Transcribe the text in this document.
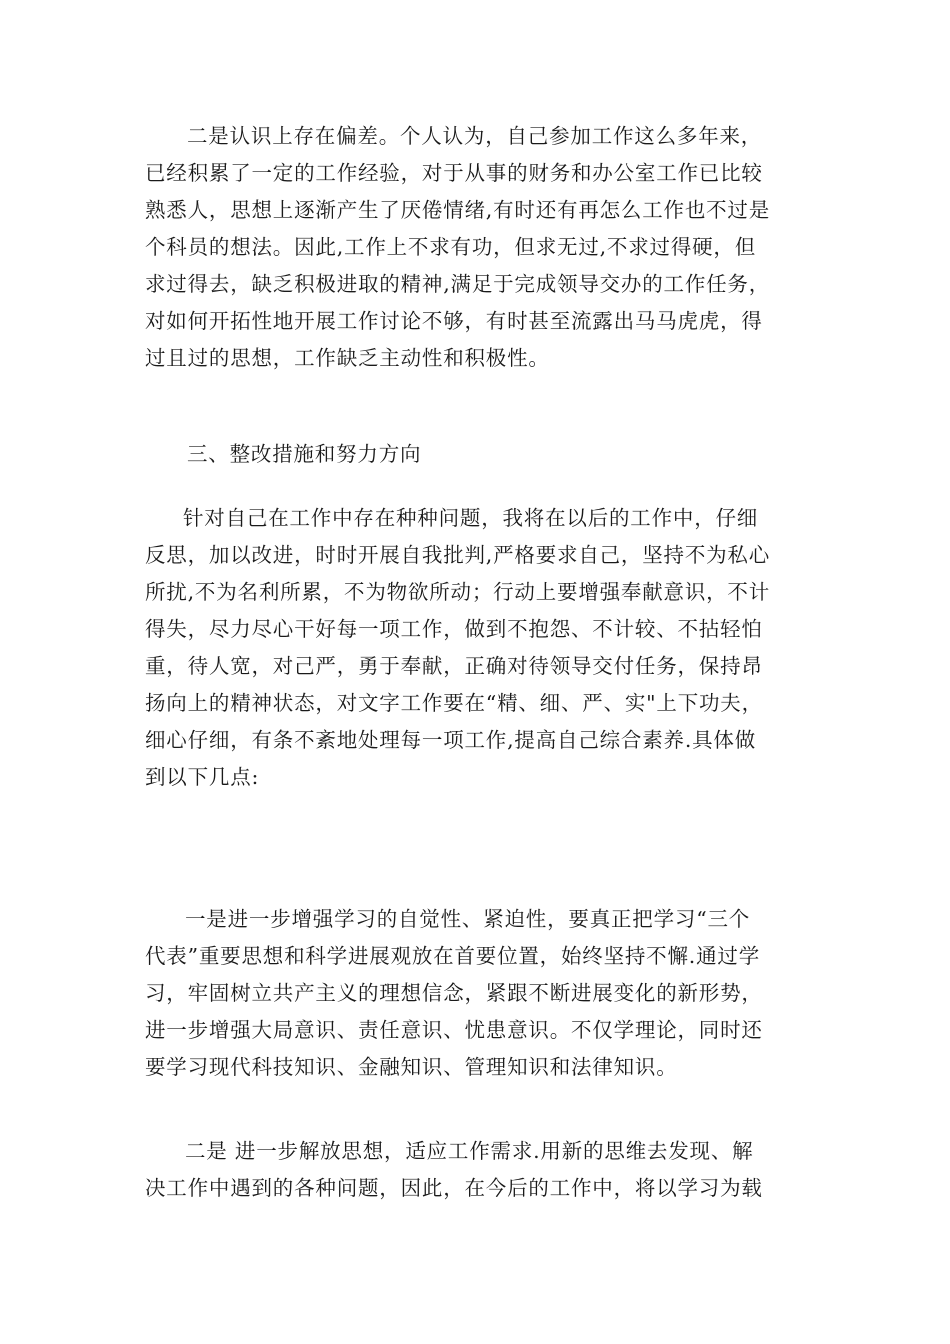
二是认识上存在偏差。个人认为，自己参加工作这么多年来，
已经积累了一定的工作经验，对于从事的财务和办公室工作已比较
熟悉人，思想上逐渐产生了厌倦情绪,有时还有再怎么工作也不过是
个科员的想法。因此,工作上不求有功，但求无过,不求过得硬，但
求过得去，缺乏积极进取的精神,满足于完成领导交办的工作任务，
对如何开拓性地开展工作讨论不够，有时甚至流露出马马虎虎，得
过且过的思想，工作缺乏主动性和积极性。
三、整改措施和努力方向
针对自己在工作中存在种种问题，我将在以后的工作中，仔细
反思，加以改进，时时开展自我批判,严格要求自己，坚持不为私心
所扰,不为名利所累，不为物欲所动；行动上要增强奉献意识，不计
得失，尽力尽心干好每一项工作，做到不抱怨、不计较、不拈轻怕
重，待人宽，对己严，勇于奉献，正确对待领导交付任务，保持昂
扬向上的精神状态，对文字工作要在“精、细、严、实"上下功夫，
细心仔细，有条不紊地处理每一项工作,提高自己综合素养.具体做
到以下几点:
一是进一步增强学习的自觉性、紧迫性，要真正把学习“三个
代表”重要思想和科学进展观放在首要位置，始终坚持不懈.通过学
习，牢固树立共产主义的理想信念，紧跟不断进展变化的新形势，
进一步增强大局意识、责任意识、忧患意识。不仅学理论，同时还
要学习现代科技知识、金融知识、管理知识和法律知识。
二是 进一步解放思想，适应工作需求.用新的思维去发现、解
决工作中遇到的各种问题，因此，在今后的工作中，将以学习为载
